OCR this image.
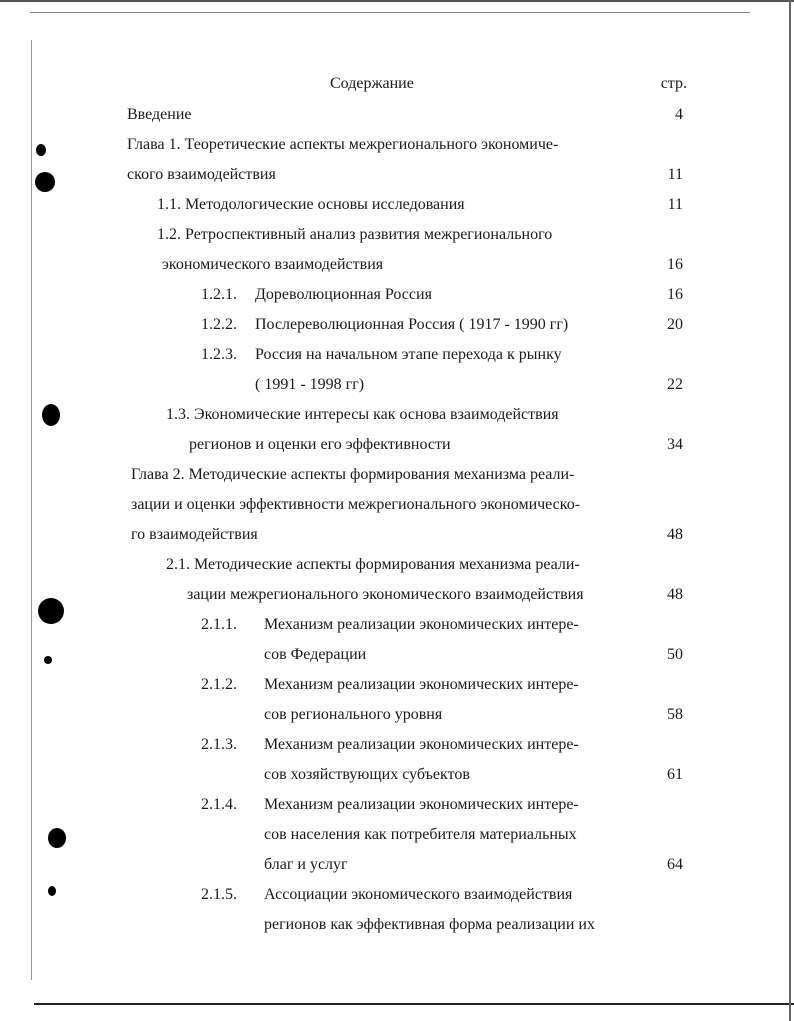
Содержание	стр.
Введение	4
Глава 1. Теоретические аспекты межрегионального экономиче-
ского взаимодействия	11
1.1. Методологические основы исследования	11
1.2. Ретроспективный анализ развития межрегионального
экономического взаимодействия	16
1.2.1. Дореволюционная Россия	16
1.2.2. Послереволюционная Россия ( 1917 - 1990 гг)	20
1.2.3. Россия на начальном этапе перехода к рынку
( 1991 - 1998 гг)	22
1.3. Экономические интересы как основа взаимодействия
регионов и оценки его эффективности	34
Глава 2. Методические аспекты формирования механизма реали-
зации и оценки эффективности межрегионального экономическо-
го взаимодействия	48
2.1. Методические аспекты формирования механизма реали-
зации межрегионального экономического взаимодействия	48
2.1.1. Механизм реализации экономических интере-
сов Федерации	50
2.1.2. Механизм реализации экономических интере-
сов регионального уровня	58
2.1.3. Механизм реализации экономических интере-
сов хозяйствующих субъектов	61
2.1.4. Механизм реализации экономических интере-
сов населения как потребителя материальных
благ и услуг	64
2.1.5. Ассоциации экономического взаимодействия
регионов как эффективная форма реализации их
